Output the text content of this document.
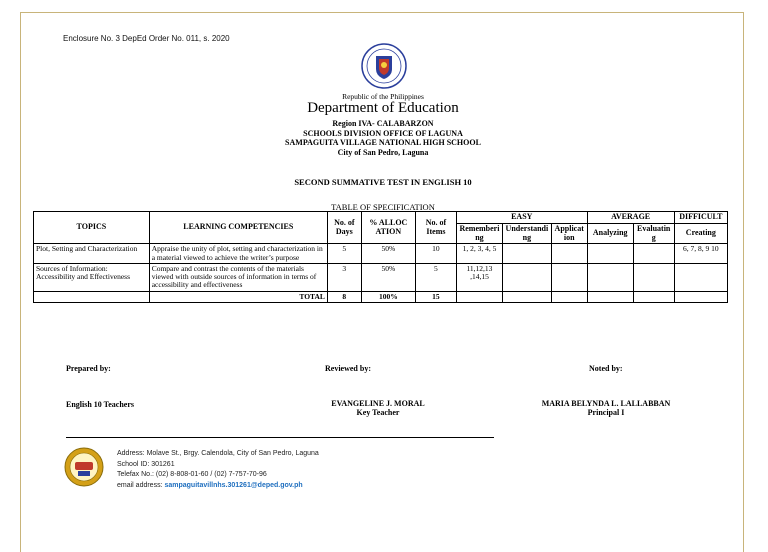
Enclosure No. 3 DepEd Order No. 011, s. 2020
Republic of the Philippines
Department of Education
Region IVA- CALABARZON
SCHOOLS DIVISION OFFICE OF LAGUNA
SAMPAGUITA VILLAGE NATIONAL HIGH SCHOOL
City of San Pedro, Laguna
SECOND SUMMATIVE TEST IN ENGLISH 10
TABLE OF SPECIFICATION
TOPICS	LEARNING COMPETENCIES	No. of Days	% ALLOC ATION	No. of Items	EASY			AVERAGE		DIFFICULT
					Rememberi ng	Understandi ng	Applicat ion	Analyzing	Evaluatin g	Creating
Plot, Setting and Characterization	Appraise the unity of plot, setting and characterization in a material viewed to achieve the writer’s purpose	5	50%	10	1, 2, 3, 4, 5					6, 7, 8, 9 10
Sources of Information: Accessibility and Effectiveness	Compare and contrast the contents of the materials viewed with outside sources of information in terms of accessibility and effectiveness	3	50%	5	11,12,13 ,14,15					
	TOTAL	8	100%	15						
Prepared by:	Reviewed by:	Noted by:
English 10 Teachers	EVANGELINE J. MORAL
Key Teacher
MARIA BELYNDA L. LALLABBAN
Principal I
Address: Molave St., Brgy. Calendola, City of San Pedro, Laguna
School ID: 301261
Telefax No.: (02) 8-808-01-60 / (02) 7-757-70-96
email address: sampaguitavillnhs.301261@deped.gov.ph
